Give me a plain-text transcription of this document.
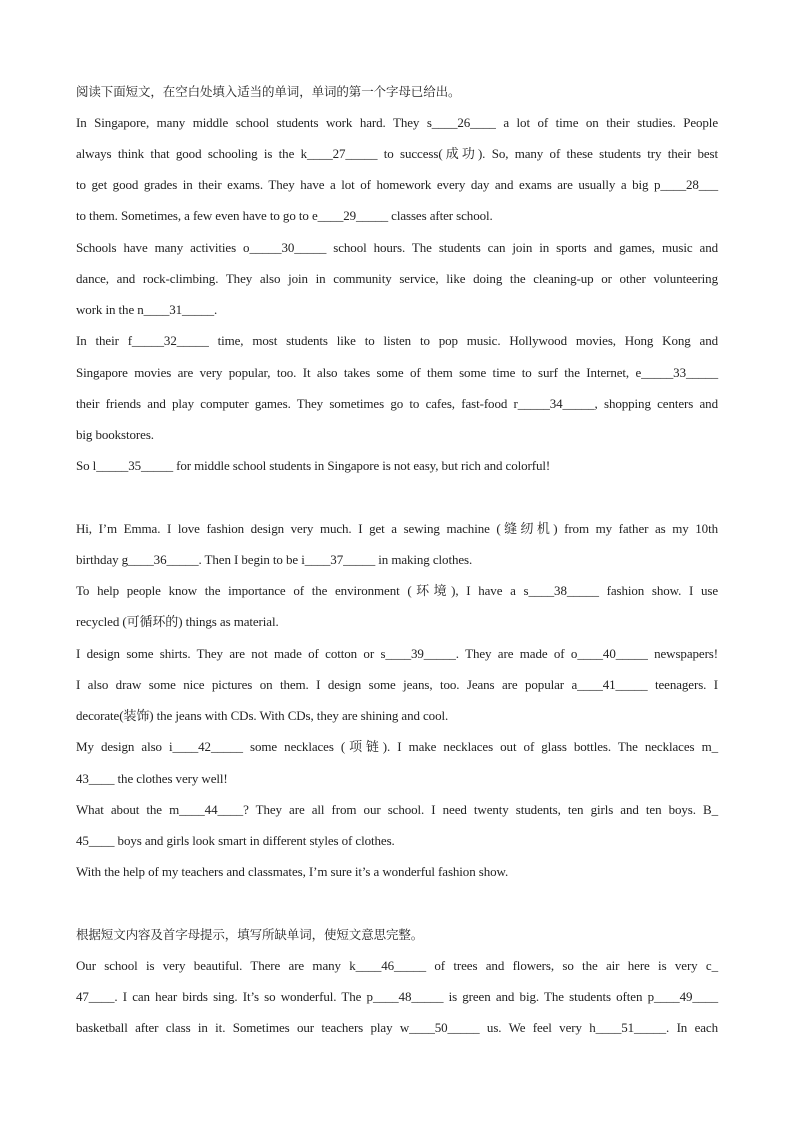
阅读下面短文，在空白处填入适当的单词，单词的第一个字母已给出。
In Singapore, many middle school students work hard. They s____26____ a lot of time on their studies. People
always think that good schooling is the k____27_____ to success(成功). So, many of these students try their best
to get good grades in their exams. They have a lot of homework every day and exams are usually a big p____28___
to them. Sometimes, a few even have to go to e____29_____ classes after school.
Schools have many activities o_____30_____ school hours. The students can join in sports and games, music and
dance, and rock-climbing. They also join in community service, like doing the cleaning-up or other volunteering
work in the n____31_____.
In their f_____32_____ time, most students like to listen to pop music. Hollywood movies, Hong Kong and
Singapore movies are very popular, too. It also takes some of them some time to surf the Internet, e_____33_____
their friends and play computer games. They sometimes go to cafes, fast-food r_____34_____, shopping centers and
big bookstores.
So l_____35_____ for middle school students in Singapore is not easy, but rich and colorful!
Hi, I’m Emma. I love fashion design very much. I get a sewing machine (缝纫机) from my father as my 10th
birthday g____36_____. Then I begin to be i____37_____ in making clothes.
To help people know the importance of the environment (环境), I have a s____38_____ fashion show. I use
recycled (可循环的) things as material.
I design some shirts. They are not made of cotton or s____39_____. They are made of o____40_____ newspapers!
I also draw some nice pictures on them. I design some jeans, too. Jeans are popular a____41_____ teenagers. I
decorate(装饰) the jeans with CDs. With CDs, they are shining and cool.
My design also i____42_____ some necklaces (项链). I make necklaces out of glass bottles. The necklaces m_
43____ the clothes very well!
What about the m____44____? They are all from our school. I need twenty students, ten girls and ten boys. B_
45____ boys and girls look smart in different styles of clothes.
With the help of my teachers and classmates, I’m sure it’s a wonderful fashion show.
根据短文内容及首字母提示，填写所缺单词，使短文意思完整。
Our school is very beautiful. There are many k____46_____ of trees and flowers, so the air here is very c_
47____. I can hear birds sing. It’s so wonderful. The p____48_____ is green and big. The students often p____49____
basketball after class in it. Sometimes our teachers play w____50_____ us. We feel very h____51_____. In each
